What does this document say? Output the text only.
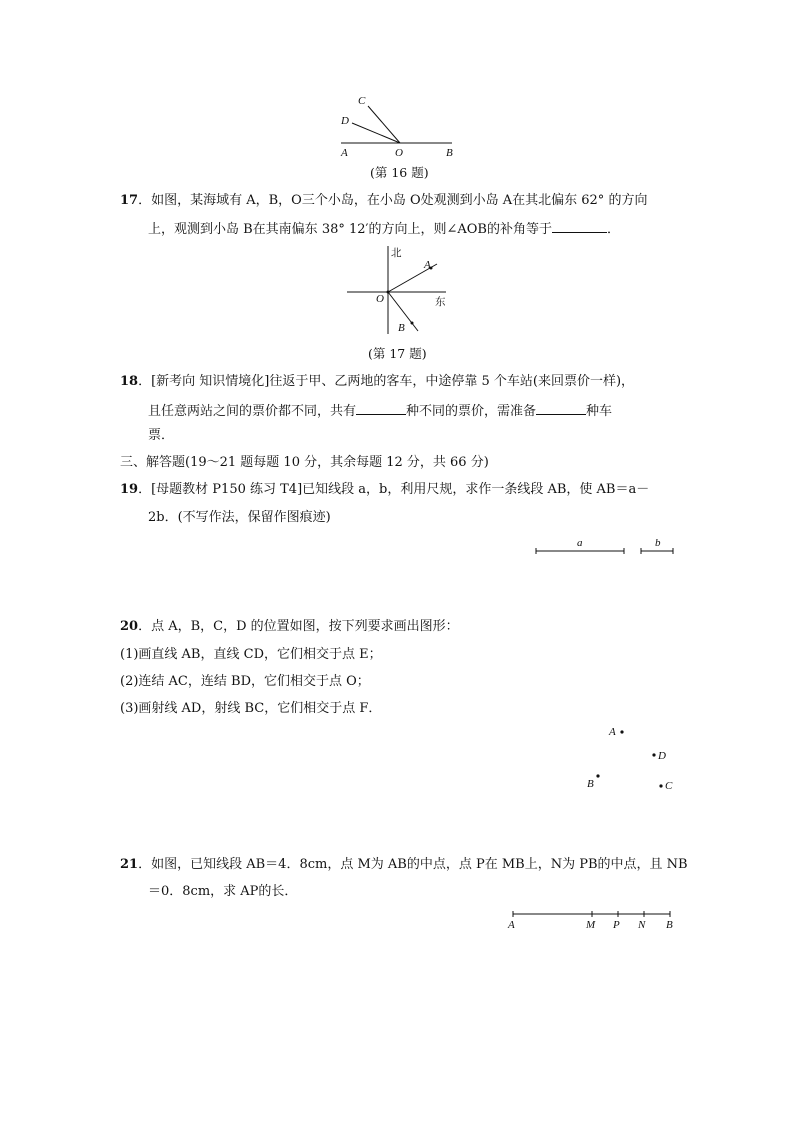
C
D
A	O	B
(第 16 题)
17．如图，某海域有 A，B，O三个小岛，在小岛 O处观测到小岛 A在其北偏东 62° 的方向
上，观测到小岛 B在其南偏东 38° 12′的方向上，则∠AOB的补角等于	．
北
东
A
O
B
(第 17 题)
18．[新考向 知识情境化]往返于甲、乙两地的客车，中途停靠 5 个车站(来回票价一样)，
且任意两站之间的票价都不同，共有	种不同的票价，需准备	种车
票．
三、解答题(19～21 题每题 10 分，其余每题 12 分，共 66 分)
19．[母题教材 P150 练习 T4]已知线段 a，b，利用尺规，求作一条线段 AB，使 AB＝a－
2b．(不写作法，保留作图痕迹)
a	b
20．点 A，B，C，D 的位置如图，按下列要求画出图形：
(1)画直线 AB，直线 CD，它们相交于点 E；
(2)连结 AC，连结 BD，它们相交于点 O；
(3)画射线 AD，射线 BC，它们相交于点 F．
A
D
B	C
21．如图，已知线段 AB＝4．8cm，点 M为 AB的中点，点 P在 MB上，N为 PB的中点，且 NB
＝0．8cm，求 AP的长．
A	M P N B
